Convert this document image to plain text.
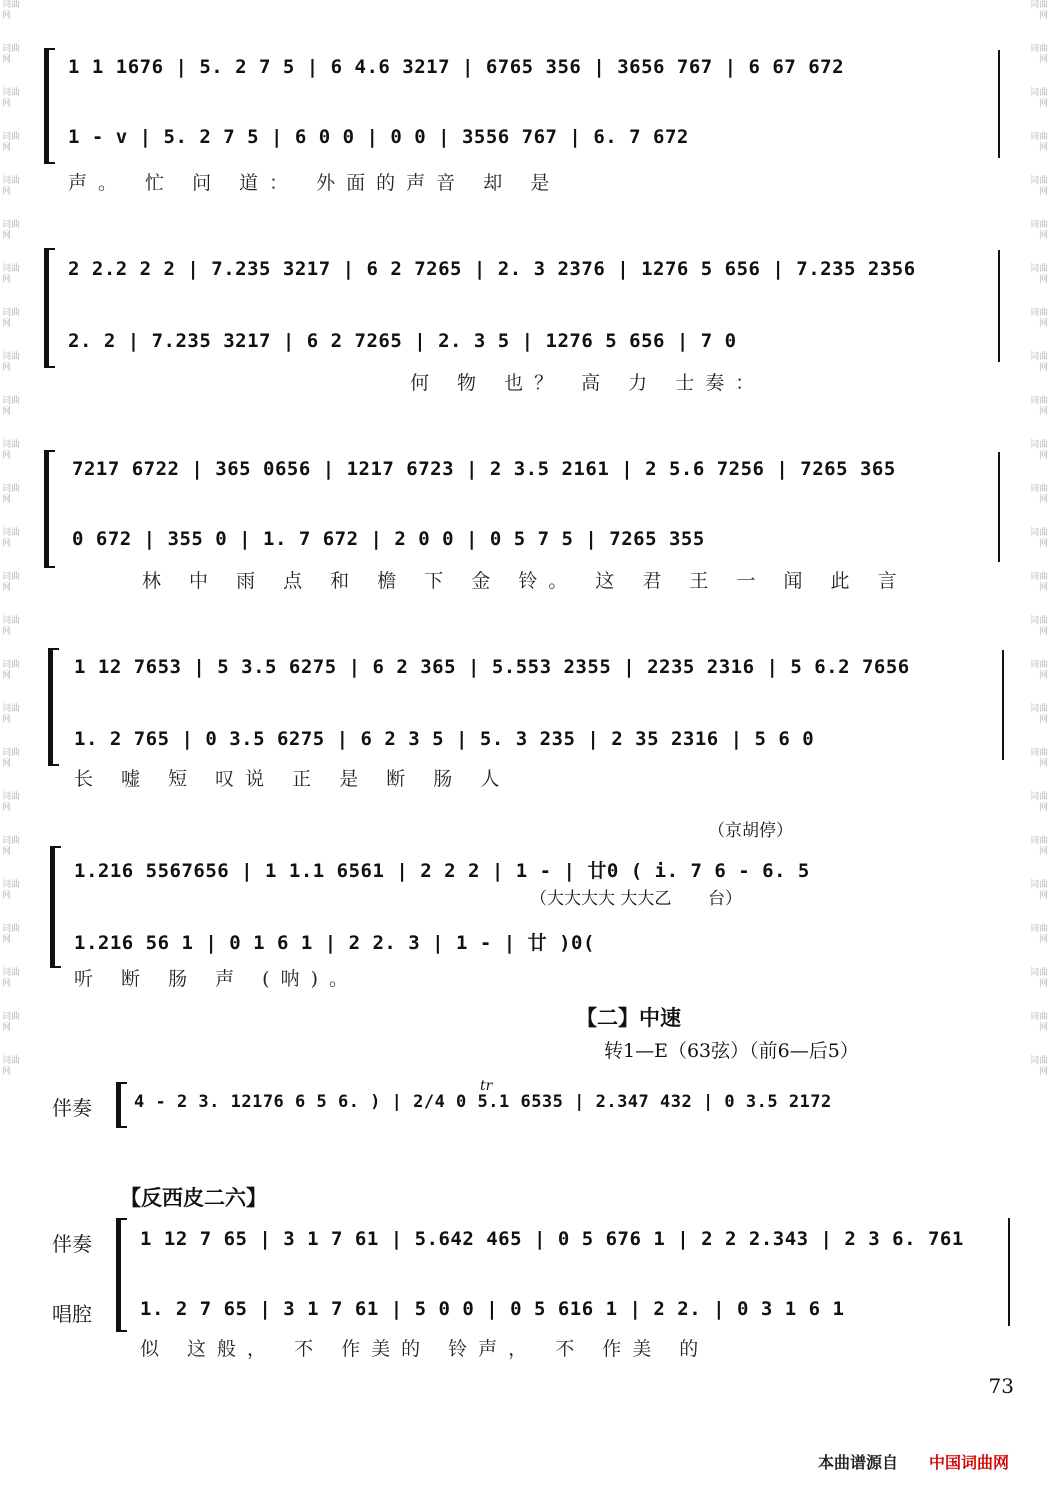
词曲网
词曲网
词曲网
词曲网
词曲网
词曲网
词曲网
词曲网
词曲网
词曲网
词曲网
词曲网
词曲网
词曲网
词曲网
词曲网
词曲网
词曲网
词曲网
词曲网
词曲网
词曲网
词曲网
词曲网
词曲网
词曲网
词曲网
词曲网
词曲网
词曲网
词曲网
词曲网
词曲网
词曲网
词曲网
词曲网
词曲网
词曲网
词曲网
词曲网
词曲网
词曲网
词曲网
词曲网
词曲网
词曲网
词曲网
词曲网
词曲网
词曲网
1 1 1676 | 5. 2 7 5 | 6 4.6 3217 | 6765 356 | 3656 767 | 6 67 672
1 - v | 5. 2 7 5 | 6 0 0 | 0 0 | 3556 767 | 6. 7 672
声。 忙 问 道： 外面的声音 却 是
2 2.2 2 2 | 7.235 3217 | 6 2 7265 | 2. 3 2376 | 1276 5 656 | 7.235 2356
2. 2 | 7.235 3217 | 6 2 7265 | 2. 3 5 | 1276 5 656 | 7 0
何 物 也？ 高 力 士奏：
7217 6722 | 365 0656 | 1217 6723 | 2 3.5 2161 | 2 5.6 7256 | 7265 365
0 672 | 355 0 | 1. 7 672 | 2 0 0 | 0 5 7 5 | 7265 355
林 中 雨 点 和 檐 下 金 铃。 这 君 王 一 闻 此 言
1 12 7653 | 5 3.5 6275 | 6 2 365 | 5.553 2355 | 2235 2316 | 5 6.2 7656
1. 2 765 | 0 3.5 6275 | 6 2 3 5 | 5. 3 235 | 2 35 2316 | 5 6 0
长 嘘 短 叹说 正 是 断 肠 人
（京胡停）
1.216 5567656 | 1 1.1 6561 | 2 2 2 | 1 - | 廿0 ( i. 7 6 - 6. 5
（大大大大 大大乙 台）
1.216 56 1 | 0 1 6 1 | 2 2. 3 | 1 - | 廿 )0(
听 断 肠 声 (呐)。
【二】中速
转1—E（63弦）（前6—后5）
伴奏
tr
4 - 2 3. 12176 6 5 6. ) | 2/4 0 5.1 6535 | 2.347 432 | 0 3.5 2172
【反西皮二六】
伴奏
唱腔
1 12 7 65 | 3 1 7 61 | 5.642 465 | 0 5 676 1 | 2 2 2.343 | 2 3 6. 761
1. 2 7 65 | 3 1 7 61 | 5 0 0 | 0 5 616 1 | 2 2. | 0 3 1 6 1
似 这般， 不 作美的 铃声， 不 作美 的
73
本曲谱源自 中国词曲网
